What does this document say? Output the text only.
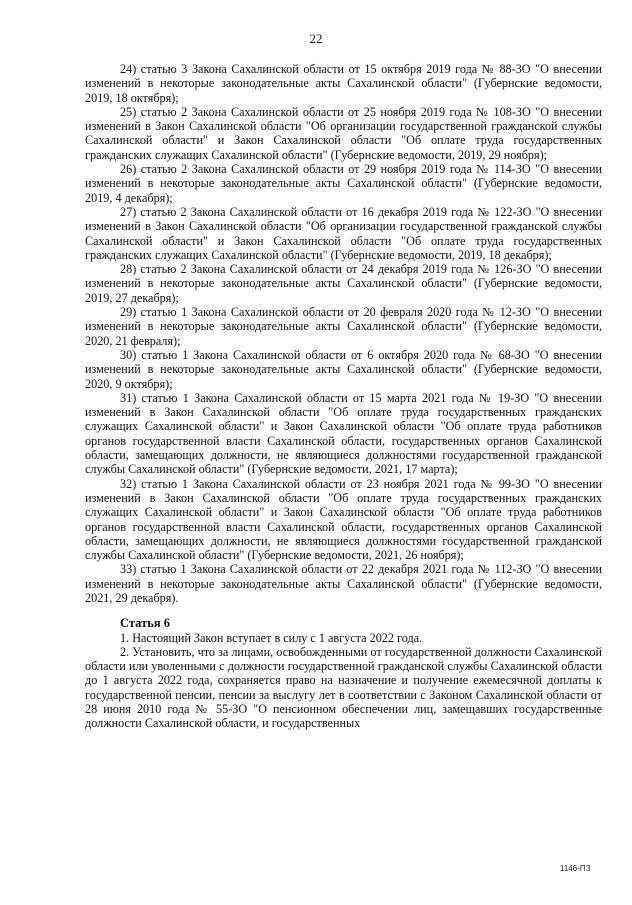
22

24) статью 3 Закона Сахалинской области от 15 октября 2019 года № 88-ЗО "О внесении изменений в некоторые законодательные акты Сахалинской области" (Губернские ведомости, 2019, 18 октября);

25) статью 2 Закона Сахалинской области от 25 ноября 2019 года № 108-ЗО "О внесении изменений в Закон Сахалинской области "Об организации государственной гражданской службы Сахалинской области" и Закон Сахалинской области "Об оплате труда государственных гражданских служащих Сахалинской области" (Губернские ведомости, 2019, 29 ноября);

26) статью 2 Закона Сахалинской области от 29 ноября 2019 года № 114-ЗО "О внесении изменений в некоторые законодательные акты Сахалинской области" (Губернские ведомости, 2019, 4 декабря);

27) статью 2 Закона Сахалинской области от 16 декабря 2019 года № 122-ЗО "О внесении изменений в Закон Сахалинской области "Об организации государственной гражданской службы Сахалинской области" и Закон Сахалинской области "Об оплате труда государственных гражданских служащих Сахалинской области" (Губернские ведомости, 2019, 18 декабря);

28) статью 2 Закона Сахалинской области от 24 декабря 2019 года № 126-ЗО "О внесении изменений в некоторые законодательные акты Сахалинской области" (Губернские ведомости, 2019, 27 декабря);

29) статью 1 Закона Сахалинской области от 20 февраля 2020 года № 12-ЗО "О внесении изменений в некоторые законодательные акты Сахалинской области" (Губернские ведомости, 2020, 21 февраля);

30) статью 1 Закона Сахалинской области от 6 октября 2020 года № 68-ЗО "О внесении изменений в некоторые законодательные акты Сахалинской области" (Губернские ведомости, 2020, 9 октября);

31) статью 1 Закона Сахалинской области от 15 марта 2021 года № 19-ЗО "О внесении изменений в Закон Сахалинской области "Об оплате труда государственных гражданских служащих Сахалинской области" и Закон Сахалинской области "Об оплате труда работников органов государственной власти Сахалинской области, государственных органов Сахалинской области, замещающих должности, не являющиеся должностями государственной гражданской службы Сахалинской области" (Губернские ведомости, 2021, 17 марта);

32) статью 1 Закона Сахалинской области от 23 ноября 2021 года № 99-ЗО "О внесении изменений в Закон Сахалинской области "Об оплате труда государственных гражданских служащих Сахалинской области" и Закон Сахалинской области "Об оплате труда работников органов государственной власти Сахалинской области, государственных органов Сахалинской области, замещающих должности, не являющиеся должностями государственной гражданской службы Сахалинской области" (Губернские ведомости, 2021, 26 ноября);

33) статью 1 Закона Сахалинской области от 22 декабря 2021 года № 112-ЗО "О внесении изменений в некоторые законодательные акты Сахалинской области" (Губернские ведомости, 2021, 29 декабря).

Статья 6

1. Настоящий Закон вступает в силу с 1 августа 2022 года.

2. Установить, что за лицами, освобожденными от государственной должности Сахалинской области или уволенными с должности государственной гражданской службы Сахалинской области до 1 августа 2022 года, сохраняется право на назначение и получение ежемесячной доплаты к государственной пенсии, пенсии за выслугу лет в соответствии с Законом Сахалинской области от 28 июня 2010 года № 55-ЗО "О пенсионном обеспечении лиц, замещавших государственные должности Сахалинской области, и государственных

1146-ПЗ
